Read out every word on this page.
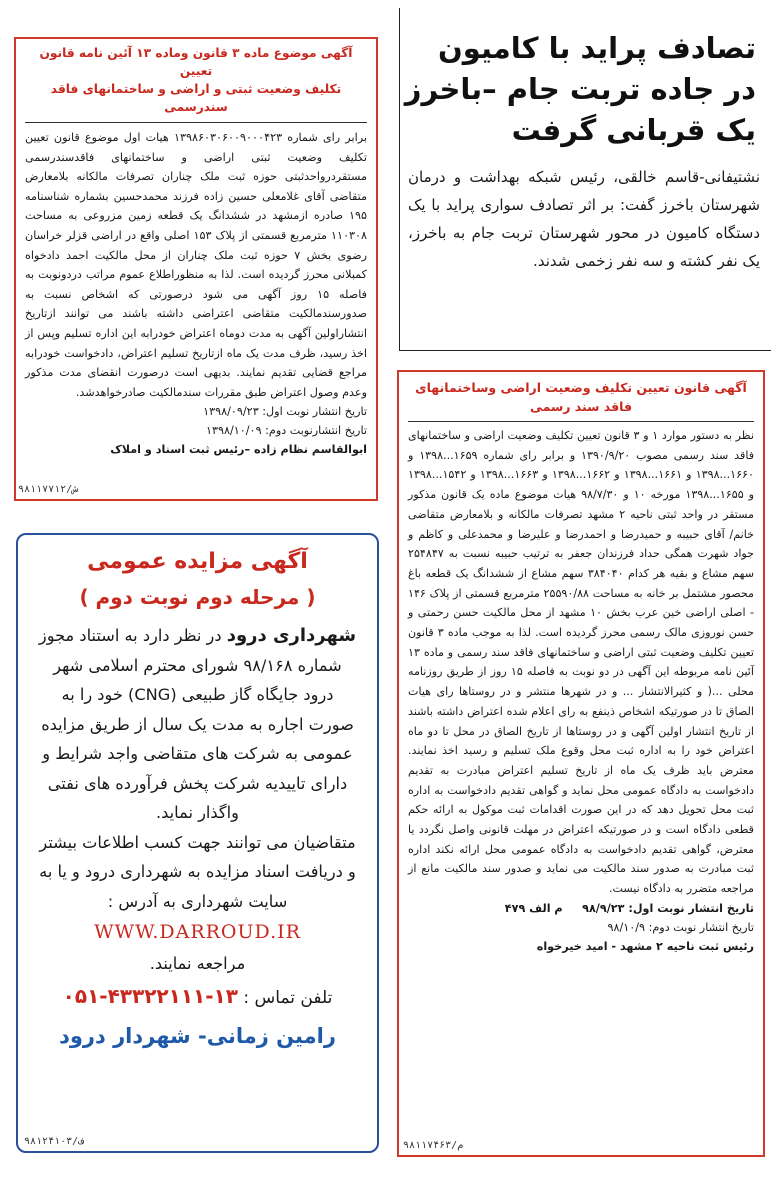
تصادف پراید با کامیون
در جاده تربت جام –باخرز
یک قربانی گرفت
نشتیفانی-قاسم خالقی، رئیس شبکه بهداشت و درمان شهرستان باخرز گفت: بر اثر تصادف سواری پراید با یک دستگاه کامیون در محور شهرستان تربت جام به باخرز، یک نفر کشته و سه نفر زخمی شدند.
آگهی موضوع ماده ۳ قانون وماده ۱۳ آئین نامه قانون تعیین
تکلیف وضعیت ثبتی و اراضی و ساختمانهای فاقد سندرسمی
برابر رای شماره ۱۳۹۸۶۰۳۰۶۰۰۹۰۰۰۴۲۳ هیات اول موضوع قانون تعیین تکلیف وضعیت ثبتی اراضی و ساختمانهای فاقدسندرسمی مستقردرواحدثبتی حوزه ثبت ملک چناران تصرفات مالکانه بلامعارض متقاضی آقای غلامعلی حسین زاده فرزند محمدحسین بشماره شناسنامه ۱۹۵ صادره ازمشهد در ششدانگ یک قطعه زمین مزروعی به مساحت ۱۱۰۳۰۸ مترمربع قسمتی از پلاک ۱۵۳ اصلی واقع در اراضی قزلر خراسان رضوی بخش ۷ حوزه ثبت ملک چناران از محل مالکیت احمد دادخواه کمبلانی محرز گردیده است. لذا به منظوراطلاع عموم مراتب دردونوبت به فاصله ۱۵ روز آگهی می شود درصورتی که اشخاص نسبت به صدورسندمالکیت متقاضی اعتراضی داشته باشند می توانند ازتاریخ انتشاراولین آگهی به مدت دوماه اعتراض خودرابه این اداره تسلیم وپس از اخذ رسید، ظرف مدت یک ماه ازتاریخ تسلیم اعتراض، دادخواست خودرابه مراجع قضایی تقدیم نمایند. بدیهی است درصورت انقضای مدت مذکور وعدم وصول اعتراض طبق مقررات سندمالکیت صادرخواهدشد.
تاریخ انتشار نوبت اول: ۱۳۹۸/۰۹/۲۳
تاریخ انتشارنوبت دوم: ۱۳۹۸/۱۰/۰۹
ابوالقاسم نظام زاده –رئیس ثبت اسناد و املاک
۹۸۱۱۷۷۱۲/ش
آگهی مزایده عمومی
( مرحله دوم نوبت دوم )
شهرداری درود در نظر دارد به استناد مجوز شماره ۹۸/۱۶۸ شورای محترم اسلامی شهر درود جایگاه گاز طبیعی (CNG) خود را به صورت اجاره به مدت یک سال از طریق مزایده عمومی به شرکت های متقاضی واجد شرایط و دارای تاییدیه شرکت پخش فرآورده های نفتی واگذار نماید.
متقاضیان می توانند جهت کسب اطلاعات بیشتر و دریافت اسناد مزایده به شهرداری درود و یا به سایت شهرداری به آدرس :
WWW.DARROUD.IR
مراجعه نمایند.
تلفن تماس : ۰۵۱-۴۳۳۲۲۱۱۱-۱۳
رامین زمانی- شهردار درود
ف/۹۸۱۲۴۱۰۳
آگهی قانون تعیین تکلیف وضعیت اراضی وساختمانهای
فاقد سند رسمی
نظر به دستور موارد ۱ و ۳ قانون تعیین تکلیف وضعیت اراضی و ساختمانهای فاقد سند رسمی مصوب ۱۳۹۰/۹/۲۰ و برابر رای شماره ۱۶۵۹...۱۳۹۸ و ۱۶۶۰...۱۳۹۸ و ۱۶۶۱...۱۳۹۸ و ۱۶۶۲...۱۳۹۸ و ۱۶۶۳...۱۳۹۸ و ۱۵۴۲...۱۳۹۸ و ۱۶۵۵...۱۳۹۸ مورخه ۱۰ و ۹۸/۷/۳۰ هیات موضوع ماده یک قانون مذکور مستقر در واحد ثبتی ناحیه ۲ مشهد تصرفات مالکانه و بلامعارض متقاضی خانم/ آقای حبیبه و حمیدرضا و احمدرضا و علیرضا و محمدعلی و کاظم و جواد شهرت همگی حداد فرزندان جعفر به ترتیب حبیبه نسبت به ۲۵۴۸۴۷ سهم مشاع و بقیه هر کدام ۳۸۴۰۴۰ سهم مشاع از ششدانگ یک قطعه باغ محصور مشتمل بر خانه به مساحت ۲۵۵۹۰/۸۸ مترمربع قسمتی از پلاک ۱۴۶ - اصلی اراضی خین عرب بخش ۱۰ مشهد از محل مالکیت حسن رحمتی و حسن نوروزی مالک رسمی محرز گردیده است. لذا به موجب ماده ۳ قانون تعیین تکلیف وضعیت ثبتی اراضی و ساختمانهای فاقد سند رسمی و ماده ۱۳ آئین نامه مربوطه این آگهی در دو نوبت به فاصله ۱۵ روز از طریق روزنامه محلی ...( و کثیرالانتشار ... و در شهرها منتشر و در روستاها رای هیات الصاق تا در صورتیکه اشخاص ذینفع به رای اعلام شده اعتراض داشته باشند از تاریخ انتشار اولین آگهی و در روستاها از تاریخ الصاق در محل تا دو ماه اعتراض خود را به اداره ثبت محل وقوع ملک تسلیم و رسید اخذ نمایند. معترض باید ظرف یک ماه از تاریخ تسلیم اعتراض مبادرت به تقدیم دادخواست به دادگاه عمومی محل نماید و گواهی تقدیم دادخواست به اداره ثبت محل تحویل دهد که در این صورت اقدامات ثبت موکول به ارائه حکم قطعی دادگاه است و در صورتیکه اعتراض در مهلت قانونی واصل نگردد یا معترض، گواهی تقدیم دادخواست به دادگاه عمومی محل ارائه نکند اداره ثبت مبادرت به صدور سند مالکیت می نماید و صدور سند مالکیت مانع از مراجعه متضرر به دادگاه نیست.
تاریخ انتشار نوبت اول: ۹۸/۹/۲۳     م الف ۴۷۹
تاریخ انتشار نوبت دوم: ۹۸/۱۰/۹
رئیس ثبت ناحیه ۲ مشهد - امید خیرخواه
م/۹۸۱۱۷۴۶۳
